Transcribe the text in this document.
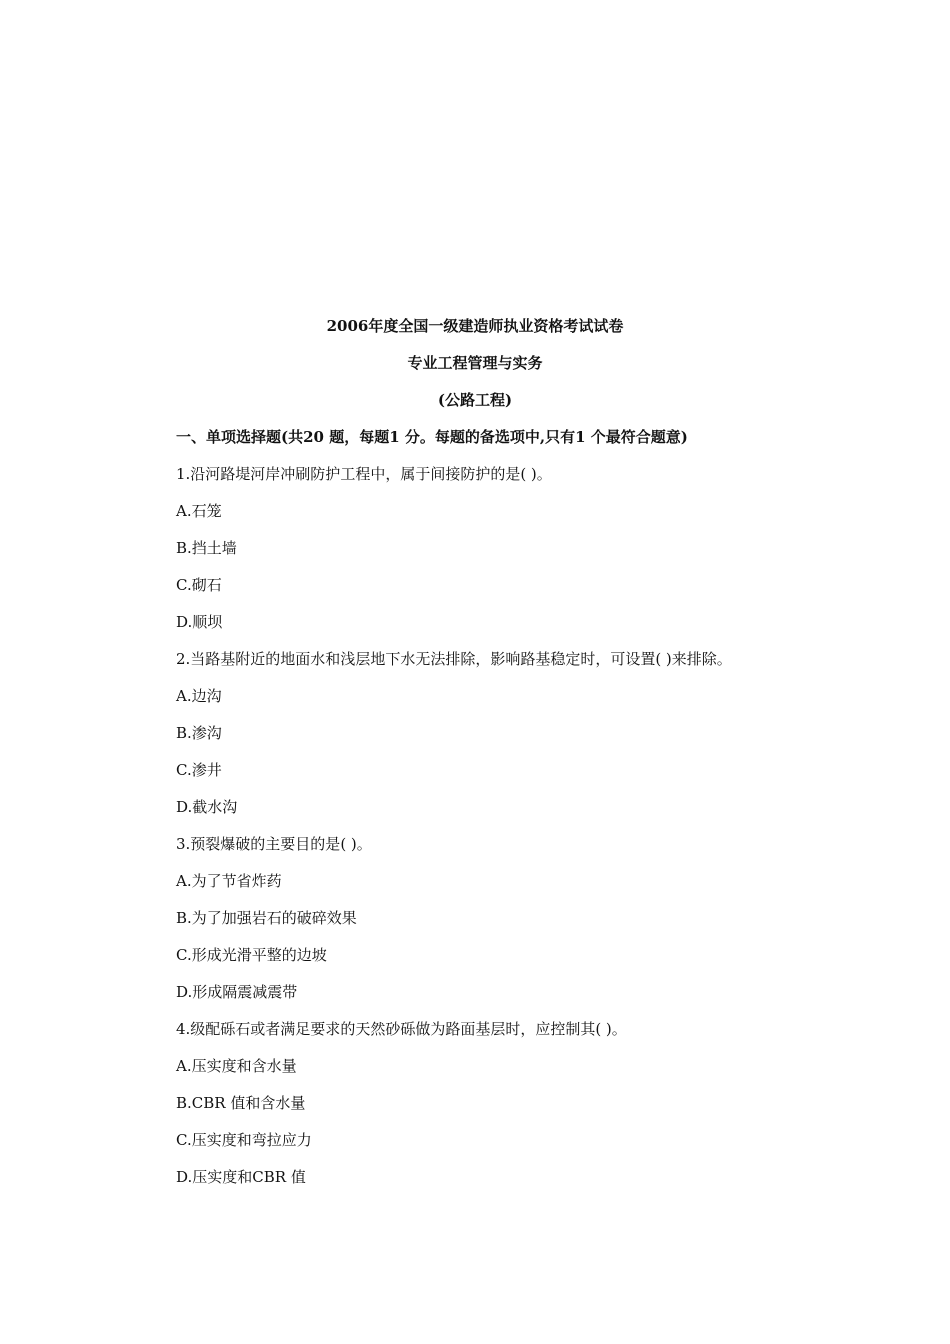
2006年度全国一级建造师执业资格考试试卷
专业工程管理与实务
(公路工程)
一、单项选择题(共20 题，每题1 分。每题的备选项中,只有1 个最符合题意)
1.沿河路堤河岸冲刷防护工程中，属于间接防护的是( )。
A.石笼
B.挡土墙
C.砌石
D.顺坝
2.当路基附近的地面水和浅层地下水无法排除，影响路基稳定时，可设置( )来排除。
A.边沟
B.渗沟
C.渗井
D.截水沟
3.预裂爆破的主要目的是( )。
A.为了节省炸药
B.为了加强岩石的破碎效果
C.形成光滑平整的边坡
D.形成隔震减震带
4.级配砾石或者满足要求的天然砂砾做为路面基层时，应控制其( )。
A.压实度和含水量
B.CBR 值和含水量
C.压实度和弯拉应力
D.压实度和CBR 值
